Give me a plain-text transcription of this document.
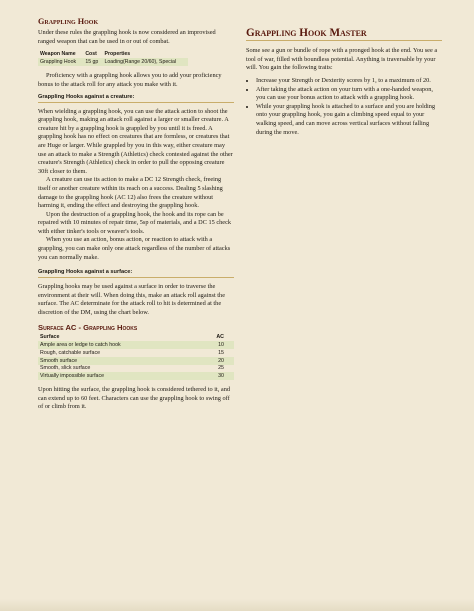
Grappling Hook

Under these rules the grappling hook is now considered an improvised ranged weapon that can be used in or out of combat.

Weapon Name	Cost	Properties
Grappling Hook	15 gp	Loading(Range 20/60), Special

Proficiency with a grappling hook allows you to add your proficiency bonus to the attack roll for any attack you make with it.

Grappling Hooks against a creature:

When wielding a grappling hook, you can use the attack action to shoot the grappling hook, making an attack roll against a larger or smaller creature. A creature hit by a grappling hook is grappled by you until it is freed. A grappling hook has no effect on creatures that are formless, or creatures that are Huge or larger. While grappled by you in this way, either creature may use an attack to make a Strength (Athletics) check contested against the other creature's Strength (Athletics) check in order to pull the opposing creature 30ft closer to them.

A creature can use its action to make a DC 12 Strength check, freeing itself or another creature within its reach on a success. Dealing 5 slashing damage to the grappling hook (AC 12) also frees the creature without harming it, ending the effect and destroying the grappling hook.

Upon the destruction of a grappling hook, the hook and its rope can be repaired with 10 minutes of repair time, 5sp of materials, and a DC 15 check with either tinker's tools or weaver's tools.

When you use an action, bonus action, or reaction to attack with a grappling, you can make only one attack regardless of the number of attacks you can normally make.

Grappling Hooks against a surface:

Grappling hooks may be used against a surface in order to traverse the environment at their will. When doing this, make an attack roll against the surface. The AC determinate for the attack roll to hit is determined at the discretion of the DM, using the chart below.

Surface AC - Grappling Hooks
Surface	AC
Ample area or ledge to catch hook	10
Rough, catchable surface	15
Smooth surface	20
Smooth, slick surface	25
Virtually impossible surface	30

Upon hitting the surface, the grappling hook is considered tethered to it, and can extend up to 60 feet. Characters can use the grappling hook to swing off of or climb from it.

Grappling Hook Master

Some see a gun or bundle of rope with a pronged hook at the end. You see a tool of war, filled with boundless potential. Anything is traversable by your will. You gain the following traits:

• Increase your Strength or Dexterity scores by 1, to a maximum of 20.
• After taking the attack action on your turn with a one-handed weapon, you can use your bonus action to attack with a grappling hook.
• While your grappling hook is attached to a surface and you are holding onto your grappling hook, you gain a climbing speed equal to your walking speed, and can move across vertical surfaces without falling during the move.
